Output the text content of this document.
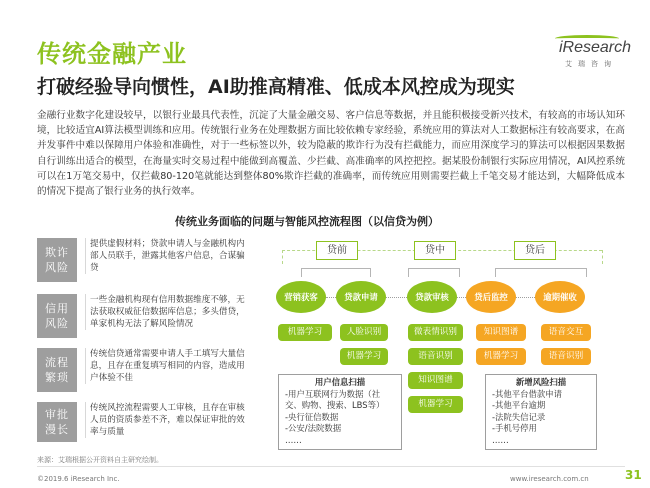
传统金融产业
打破经验导向惯性，AI助推高精准、低成本风控成为现实
iResearch
艾瑞咨询
金融行业数字化建设较早，以银行业最具代表性，沉淀了大量金融交易、客户信息等数据，并且能积极接受新兴技术，有较高的市场认知环境，比较适宜AI算法模型训练和应用。传统银行业务在处理数据方面比较依赖专家经验，系统应用的算法对人工数据标注有较高要求，在高并发事件中难以保障用户体验和准确性，对于一些标签以外，较为隐蔽的欺诈行为没有拦截能力，而应用深度学习的算法可以根据因果数据自行训练出适合的模型，在海量实时交易过程中能做到高覆盖、少拦截、高准确率的风控把控。据某股份制银行实际应用情况，AI风控系统可以在1万笔交易中，仅拦截80-120笔就能达到整体80%欺诈拦截的准确率，而传统应用则需要拦截上千笔交易才能达到，大幅降低成本的情况下提高了银行业务的执行效率。
传统业务面临的问题与智能风控流程图（以信贷为例）
欺诈
风险
提供虚假材料；贷款申请人与金融机构内部人员联手，泄露其他客户信息，合谋骗贷
信用
风险
一些金融机构现有信用数据维度不够，无法获取权威征信数据库信息；多头借贷，单家机构无法了解风险情况
流程
繁琐
传统信贷通常需要申请人手工填写大量信息，且存在重复填写相同的内容，造成用户体验不佳
审批
漫长
传统风控流程需要人工审核，且存在审核人员的资质参差不齐，难以保证审批的效率与质量
贷前	贷中	贷后
营销获客	贷款申请	贷款审核	贷后监控	逾期催收
机器学习	人脸识别
机器学习
微表情识别
语音识别
知识图谱
机器学习
知识图谱
机器学习
语音交互
语音识别
用户信息扫描
-用户互联网行为数据（社
交、购物、搜索、LBS等）
-央行征信数据
-公安/法院数据
……
新增风险扫描
-其他平台借款申请
-其他平台逾期
-法院失信记录
-手机号停用
……
来源：艾瑞根据公开资料自主研究绘制。
©2019.6 iResearch Inc.	www.iresearch.com.cn	31
